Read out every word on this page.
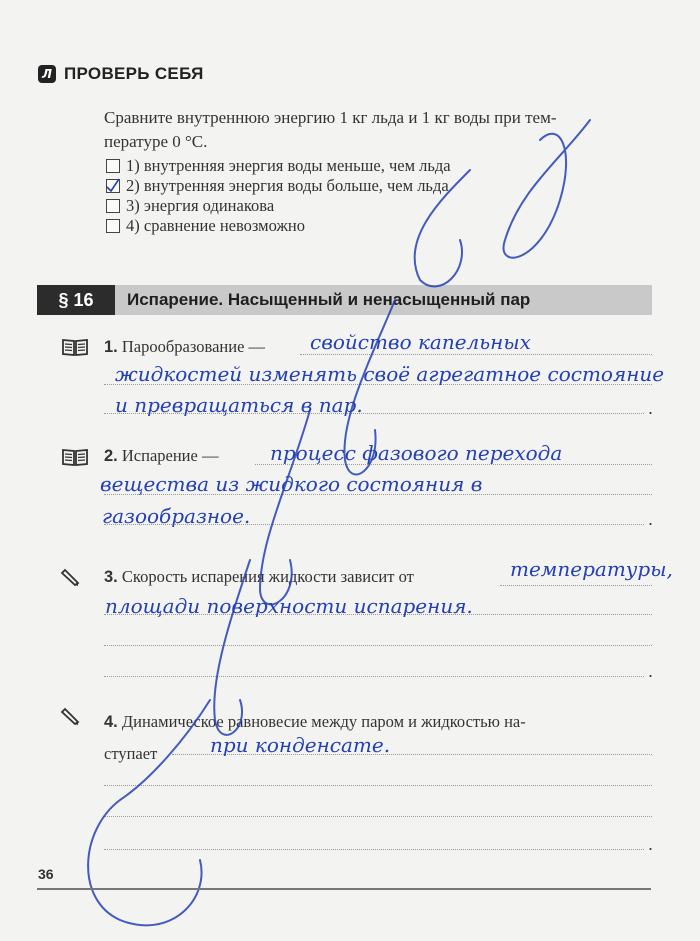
Л ПРОВЕРЬ СЕБЯ
Сравните внутреннюю энергию 1 кг льда и 1 кг воды при тем-
пературе 0 °С.
1) внутренняя энергия воды меньше, чем льда
2) внутренняя энергия воды больше, чем льда
3) энергия одинакова
4) сравнение невозможно
§ 16	Испарение. Насыщенный и ненасыщенный пар
1. Парообразование —
.
свойство капельных
жидкостей изменять своё агрегатное состояние
и превращаться в пар.
2. Испарение —
.
процесс фазового перехода
вещества из жидкого состояния в
газообразное.
3. Скорость испарения жидкости зависит от
.
температуры,
площади поверхности испарения.
4. Динамическое равновесие между паром и жидкостью на-
ступает
.
при конденсате.
36
